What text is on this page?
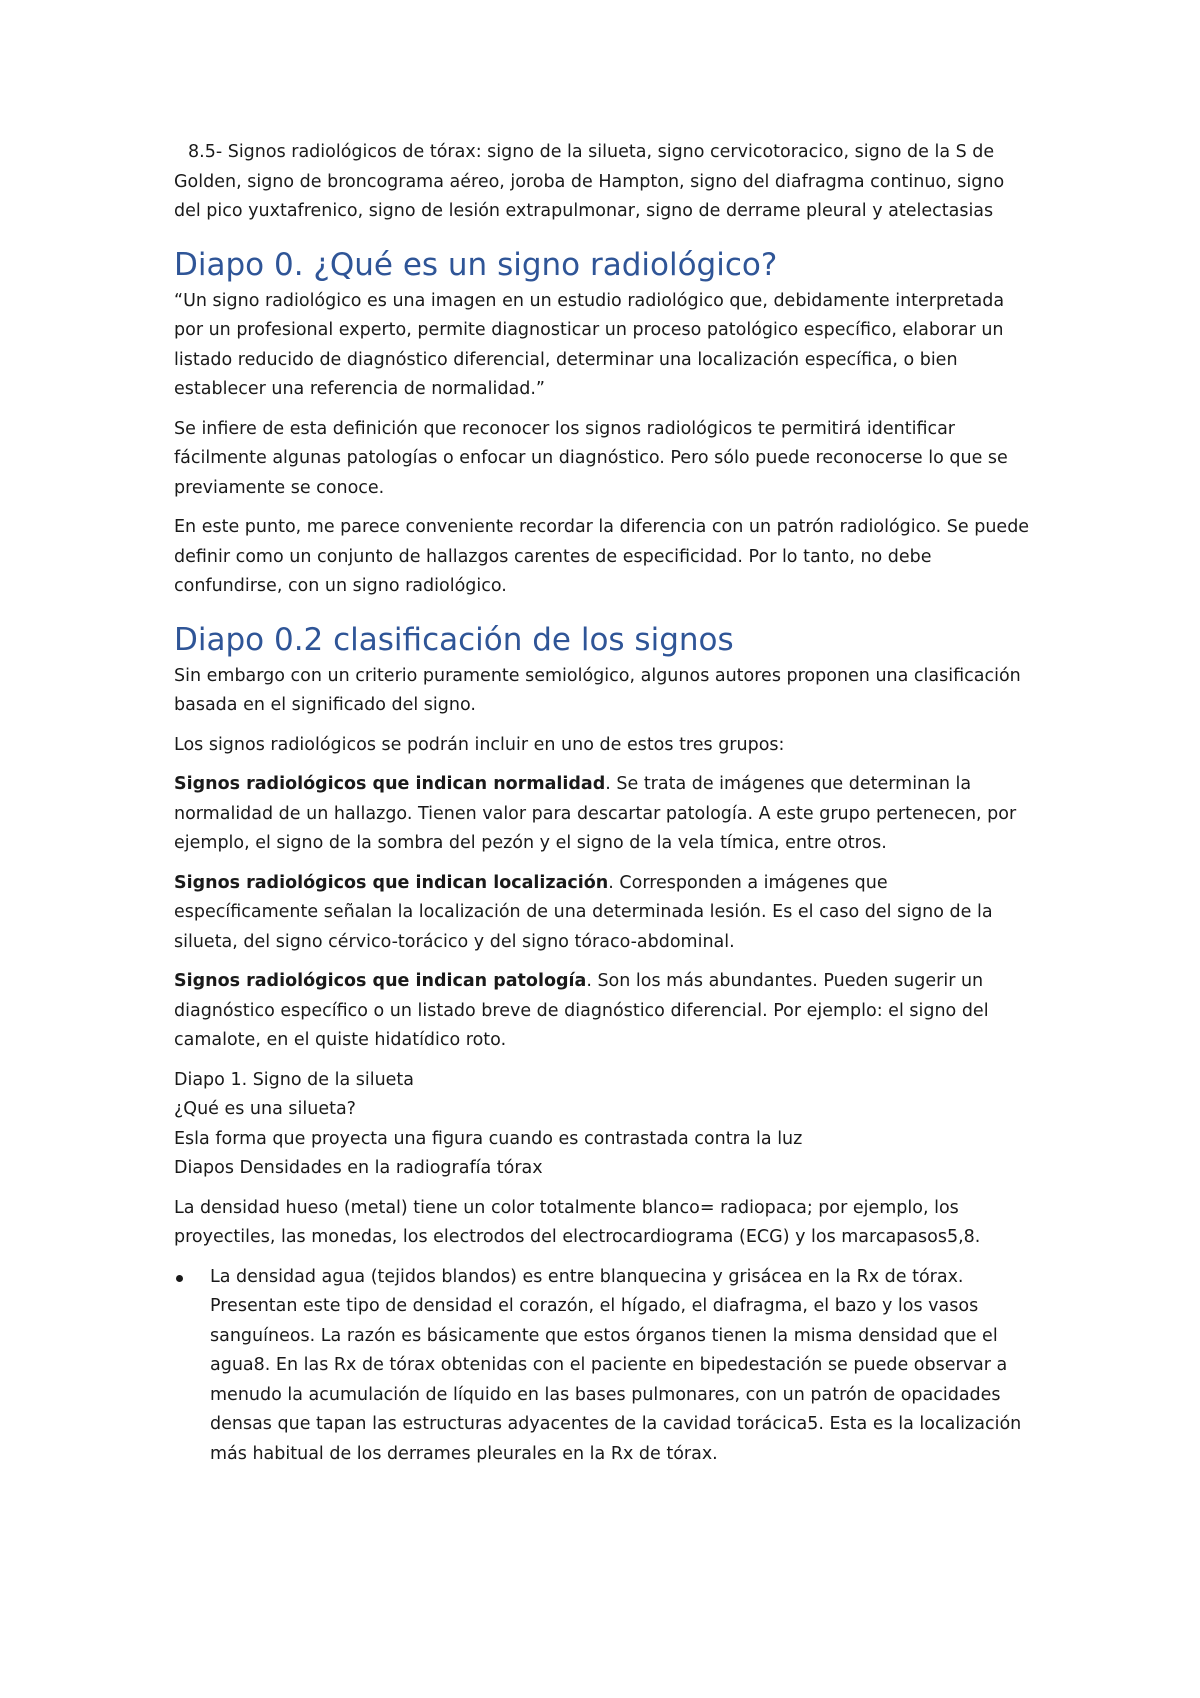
8.5- Signos radiológicos de tórax: signo de la silueta, signo cervicotoracico, signo de la S de Golden, signo de broncograma aéreo, joroba de Hampton, signo del diafragma continuo, signo del pico yuxtafrenico, signo de lesión extrapulmonar, signo de derrame pleural y atelectasias

Diapo 0. ¿Qué es un signo radiológico?

“Un signo radiológico es una imagen en un estudio radiológico que, debidamente interpretada por un profesional experto, permite diagnosticar un proceso patológico específico, elaborar un listado reducido de diagnóstico diferencial, determinar una localización específica, o bien establecer una referencia de normalidad.”

Se infiere de esta definición que reconocer los signos radiológicos te permitirá identificar fácilmente algunas patologías o enfocar un diagnóstico. Pero sólo puede reconocerse lo que se previamente se conoce.

En este punto, me parece conveniente recordar la diferencia con un patrón radiológico. Se puede definir como un conjunto de hallazgos carentes de especificidad. Por lo tanto, no debe confundirse, con un signo radiológico.

Diapo 0.2 clasificación de los signos

Sin embargo con un criterio puramente semiológico, algunos autores proponen una clasificación basada en el significado del signo.

Los signos radiológicos se podrán incluir en uno de estos tres grupos:

Signos radiológicos que indican normalidad. Se trata de imágenes que determinan la normalidad de un hallazgo. Tienen valor para descartar patología. A este grupo pertenecen, por ejemplo, el signo de la sombra del pezón y el signo de la vela tímica, entre otros.

Signos radiológicos que indican localización. Corresponden a imágenes que específicamente señalan la localización de una determinada lesión. Es el caso del signo de la silueta, del signo cérvico-torácico y del signo tóraco-abdominal.

Signos radiológicos que indican patología. Son los más abundantes. Pueden sugerir un diagnóstico específico o un listado breve de diagnóstico diferencial. Por ejemplo: el signo del camalote, en el quiste hidatídico roto.

Diapo 1. Signo de la silueta

¿Qué es una silueta?

Esla forma que proyecta una figura cuando es contrastada contra la luz

Diapos Densidades en la radiografía tórax

La densidad hueso (metal) tiene un color totalmente blanco= radiopaca; por ejemplo, los proyectiles, las monedas, los electrodos del electrocardiograma (ECG) y los marcapasos5,8.

La densidad agua (tejidos blandos) es entre blanquecina y grisácea en la Rx de tórax. Presentan este tipo de densidad el corazón, el hígado, el diafragma, el bazo y los vasos sanguíneos. La razón es básicamente que estos órganos tienen la misma densidad que el agua8. En las Rx de tórax obtenidas con el paciente en bipedestación se puede observar a menudo la acumulación de líquido en las bases pulmonares, con un patrón de opacidades densas que tapan las estructuras adyacentes de la cavidad torácica5. Esta es la localización más habitual de los derrames pleurales en la Rx de tórax.
